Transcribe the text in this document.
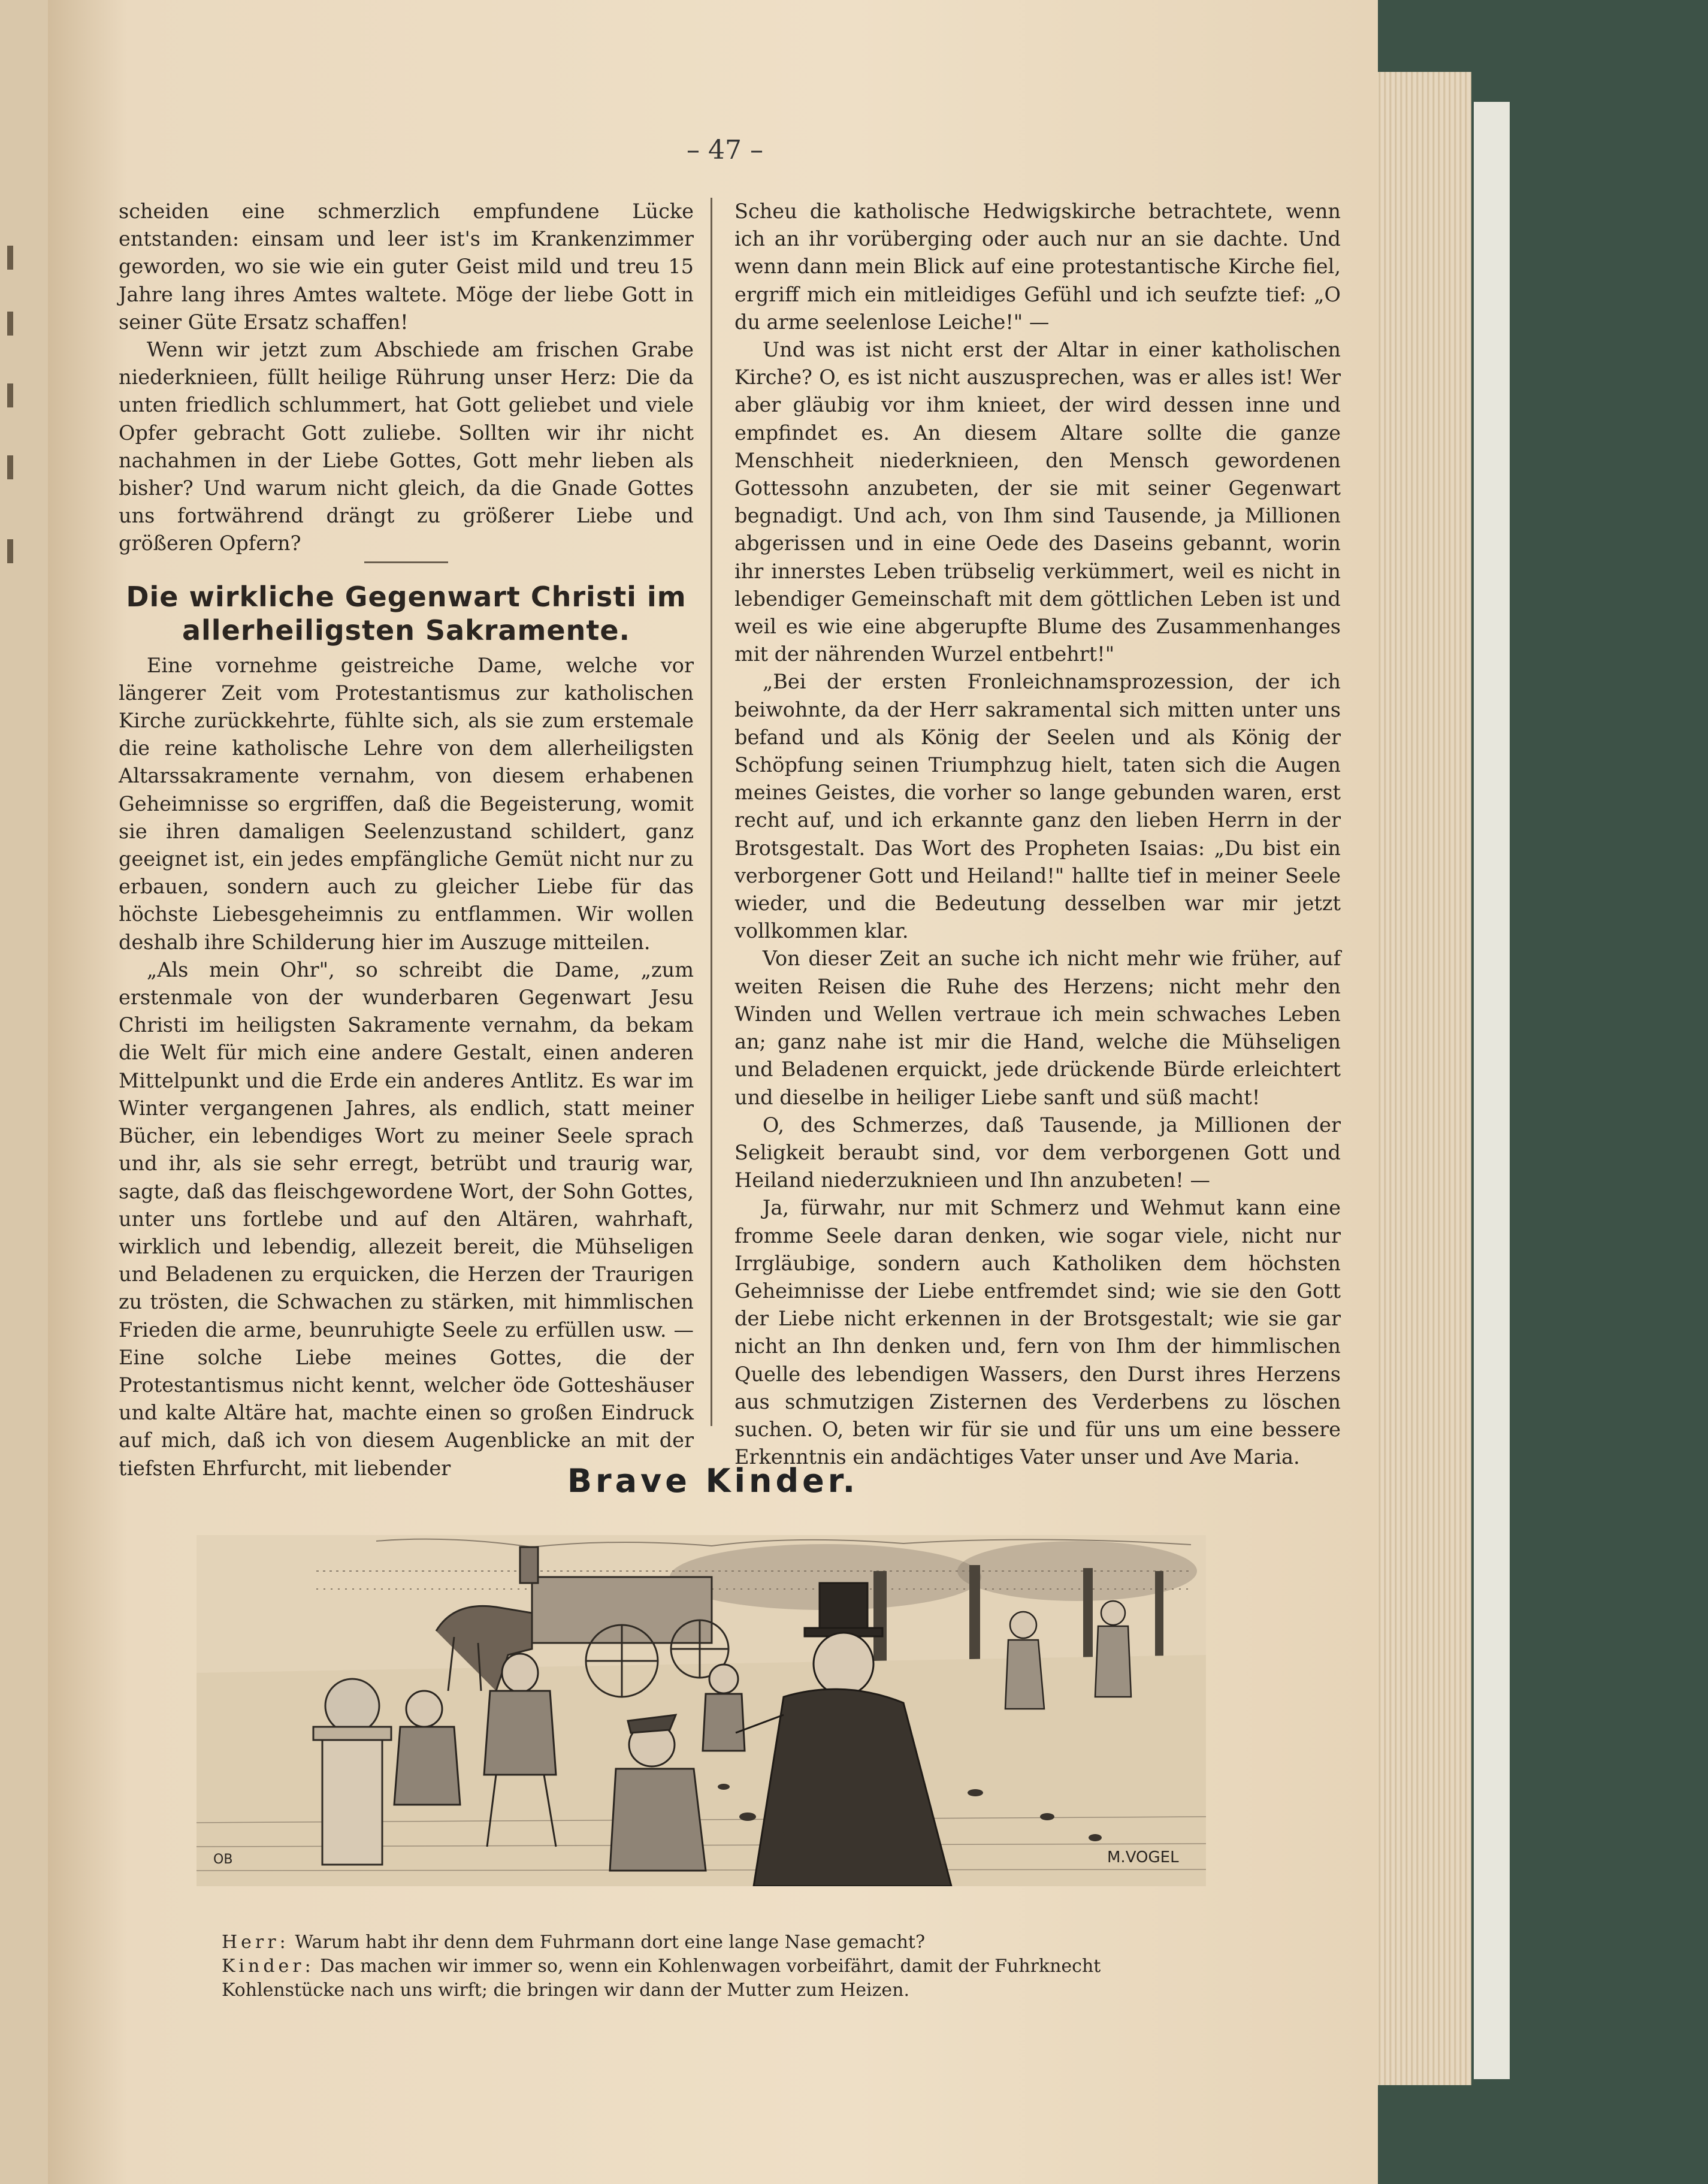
– 47 –

scheiden eine schmerzlich empfundene Lücke entstanden: einsam und leer ist's im Krankenzimmer geworden, wo sie wie ein guter Geist mild und treu 15 Jahre lang ihres Amtes waltete. Möge der liebe Gott in seiner Güte Ersatz schaffen!

Wenn wir jetzt zum Abschiede am frischen Grabe niederknieen, füllt heilige Rührung unser Herz: Die da unten friedlich schlummert, hat Gott geliebet und viele Opfer gebracht Gott zuliebe. Sollten wir ihr nicht nachahmen in der Liebe Gottes, Gott mehr lieben als bisher? Und warum nicht gleich, da die Gnade Gottes uns fortwährend drängt zu größerer Liebe und größeren Opfern?

Die wirkliche Gegenwart Christi im allerheiligsten Sakramente.

Eine vornehme geistreiche Dame, welche vor längerer Zeit vom Protestantismus zur katholischen Kirche zurückkehrte, fühlte sich, als sie zum erstemale die reine katholische Lehre von dem allerheiligsten Altarssakramente vernahm, von diesem erhabenen Geheimnisse so ergriffen, daß die Begeisterung, womit sie ihren damaligen Seelenzustand schildert, ganz geeignet ist, ein jedes empfängliche Gemüt nicht nur zu erbauen, sondern auch zu gleicher Liebe für das höchste Liebesgeheimnis zu entflammen. Wir wollen deshalb ihre Schilderung hier im Auszuge mitteilen.

„Als mein Ohr", so schreibt die Dame, „zum erstenmale von der wunderbaren Gegenwart Jesu Christi im heiligsten Sakramente vernahm, da bekam die Welt für mich eine andere Gestalt, einen anderen Mittelpunkt und die Erde ein anderes Antlitz. Es war im Winter vergangenen Jahres, als endlich, statt meiner Bücher, ein lebendiges Wort zu meiner Seele sprach und ihr, als sie sehr erregt, betrübt und traurig war, sagte, daß das fleischgewordene Wort, der Sohn Gottes, unter uns fortlebe und auf den Altären, wahrhaft, wirklich und lebendig, allezeit bereit, die Mühseligen und Beladenen zu erquicken, die Herzen der Traurigen zu trösten, die Schwachen zu stärken, mit himmlischen Frieden die arme, beunruhigte Seele zu erfüllen usw. — Eine solche Liebe meines Gottes, die der Protestantismus nicht kennt, welcher öde Gotteshäuser und kalte Altäre hat, machte einen so großen Eindruck auf mich, daß ich von diesem Augenblicke an mit der tiefsten Ehrfurcht, mit liebender

Scheu die katholische Hedwigskirche betrachtete, wenn ich an ihr vorüberging oder auch nur an sie dachte. Und wenn dann mein Blick auf eine protestantische Kirche fiel, ergriff mich ein mitleidiges Gefühl und ich seufzte tief: „O du arme seelenlose Leiche!" —

Und was ist nicht erst der Altar in einer katholischen Kirche? O, es ist nicht auszusprechen, was er alles ist! Wer aber gläubig vor ihm knieet, der wird dessen inne und empfindet es. An diesem Altare sollte die ganze Menschheit niederknieen, den Mensch gewordenen Gottessohn anzubeten, der sie mit seiner Gegenwart begnadigt. Und ach, von Ihm sind Tausende, ja Millionen abgerissen und in eine Oede des Daseins gebannt, worin ihr innerstes Leben trübselig verkümmert, weil es nicht in lebendiger Gemeinschaft mit dem göttlichen Leben ist und weil es wie eine abgerupfte Blume des Zusammenhanges mit der nährenden Wurzel entbehrt!"

„Bei der ersten Fronleichnamsprozession, der ich beiwohnte, da der Herr sakramental sich mitten unter uns befand und als König der Seelen und als König der Schöpfung seinen Triumphzug hielt, taten sich die Augen meines Geistes, die vorher so lange gebunden waren, erst recht auf, und ich erkannte ganz den lieben Herrn in der Brotsgestalt. Das Wort des Propheten Isaias: „Du bist ein verborgener Gott und Heiland!" hallte tief in meiner Seele wieder, und die Bedeutung desselben war mir jetzt vollkommen klar.

Von dieser Zeit an suche ich nicht mehr wie früher, auf weiten Reisen die Ruhe des Herzens; nicht mehr den Winden und Wellen vertraue ich mein schwaches Leben an; ganz nahe ist mir die Hand, welche die Mühseligen und Beladenen erquickt, jede drückende Bürde erleichtert und dieselbe in heiliger Liebe sanft und süß macht!

O, des Schmerzes, daß Tausende, ja Millionen der Seligkeit beraubt sind, vor dem verborgenen Gott und Heiland niederzuknieen und Ihn anzubeten! —

Ja, fürwahr, nur mit Schmerz und Wehmut kann eine fromme Seele daran denken, wie sogar viele, nicht nur Irrgläubige, sondern auch Katholiken dem höchsten Geheimnisse der Liebe entfremdet sind; wie sie den Gott der Liebe nicht erkennen in der Brotsgestalt; wie sie gar nicht an Ihn denken und, fern von Ihm der himmlischen Quelle des lebendigen Wassers, den Durst ihres Herzens aus schmutzigen Zisternen des Verderbens zu löschen suchen. O, beten wir für sie und für uns um eine bessere Erkenntnis ein andächtiges Vater unser und Ave Maria.

Brave Kinder.
M.VOGEL
OB
Herr: Warum habt ihr denn dem Fuhrmann dort eine lange Nase gemacht?
Kinder: Das machen wir immer so, wenn ein Kohlenwagen vorbeifährt, damit der Fuhrknecht Kohlenstücke nach uns wirft; die bringen wir dann der Mutter zum Heizen.
